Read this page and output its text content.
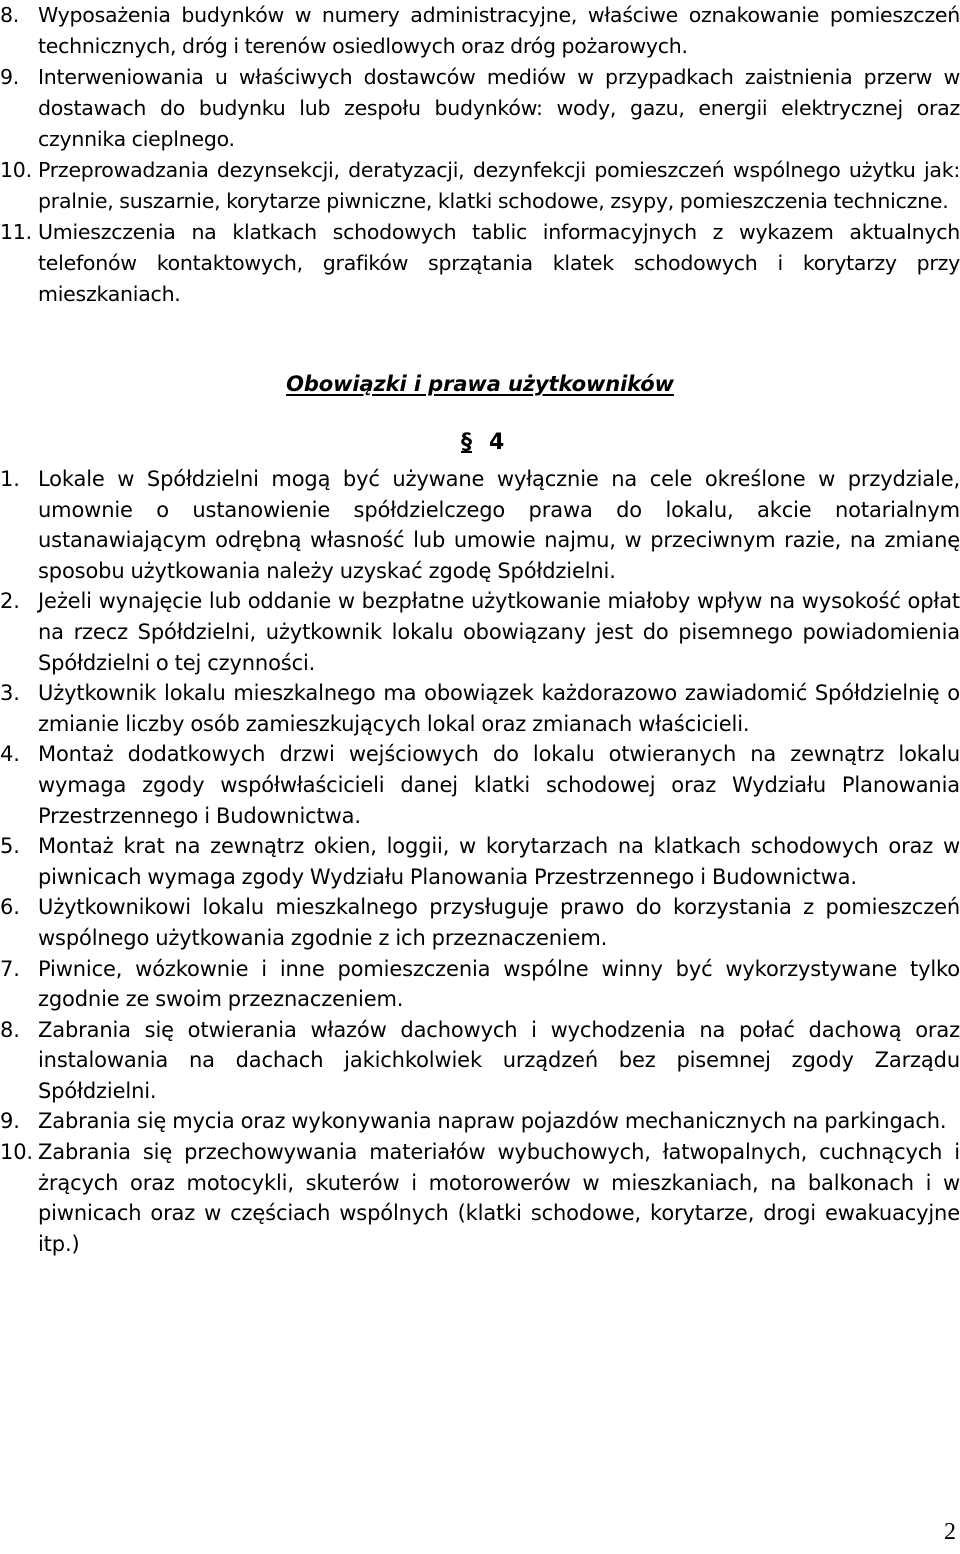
8. Wyposażenia budynków w numery administracyjne, właściwe oznakowanie pomieszczeń technicznych, dróg i terenów osiedlowych oraz dróg pożarowych.
9. Interweniowania u właściwych dostawców mediów w przypadkach zaistnienia przerw w dostawach do budynku lub zespołu budynków: wody, gazu, energii elektrycznej oraz czynnika cieplnego.
10. Przeprowadzania dezynsekcji, deratyzacji, dezynfekcji pomieszczeń wspólnego użytku jak: pralnie, suszarnie, korytarze piwniczne, klatki schodowe, zsypy, pomieszczenia techniczne.
11. Umieszczenia na klatkach schodowych tablic informacyjnych z wykazem aktualnych telefonów kontaktowych, grafików sprzątania klatek schodowych i korytarzy przy mieszkaniach.
Obowiązki i prawa użytkowników
§ 4
1. Lokale w Spółdzielni mogą być używane wyłącznie na cele określone w przydziale, umownie o ustanowienie spółdzielczego prawa do lokalu, akcie notarialnym ustanawiającym odrębną własność lub umowie najmu, w przeciwnym razie, na zmianę sposobu użytkowania należy uzyskać zgodę Spółdzielni.
2. Jeżeli wynajęcie lub oddanie w bezpłatne użytkowanie miałoby wpływ na wysokość opłat na rzecz Spółdzielni, użytkownik lokalu obowiązany jest do pisemnego powiadomienia Spółdzielni o tej czynności.
3. Użytkownik lokalu mieszkalnego ma obowiązek każdorazowo zawiadomić Spółdzielnię o zmianie liczby osób zamieszkujących lokal oraz zmianach właścicieli.
4. Montaż dodatkowych drzwi wejściowych do lokalu otwieranych na zewnątrz lokalu wymaga zgody współwłaścicieli danej klatki schodowej oraz Wydziału Planowania Przestrzennego i Budownictwa.
5. Montaż krat na zewnątrz okien, loggii, w korytarzach na klatkach schodowych oraz w piwnicach wymaga zgody Wydziału Planowania Przestrzennego i Budownictwa.
6. Użytkownikowi lokalu mieszkalnego przysługuje prawo do korzystania z pomieszczeń wspólnego użytkowania zgodnie z ich przeznaczeniem.
7. Piwnice, wózkownie i inne pomieszczenia wspólne winny być wykorzystywane tylko zgodnie ze swoim przeznaczeniem.
8. Zabrania się otwierania włazów dachowych i wychodzenia na połać dachową oraz instalowania na dachach jakichkolwiek urządzeń bez pisemnej zgody Zarządu Spółdzielni.
9. Zabrania się mycia oraz wykonywania napraw pojazdów mechanicznych na parkingach.
10. Zabrania się przechowywania materiałów wybuchowych, łatwopalnych, cuchnących i żrących oraz motocykli, skuterów i motorowerów w mieszkaniach, na balkonach i w piwnicach oraz w częściach wspólnych (klatki schodowe, korytarze, drogi ewakuacyjne itp.)
2
